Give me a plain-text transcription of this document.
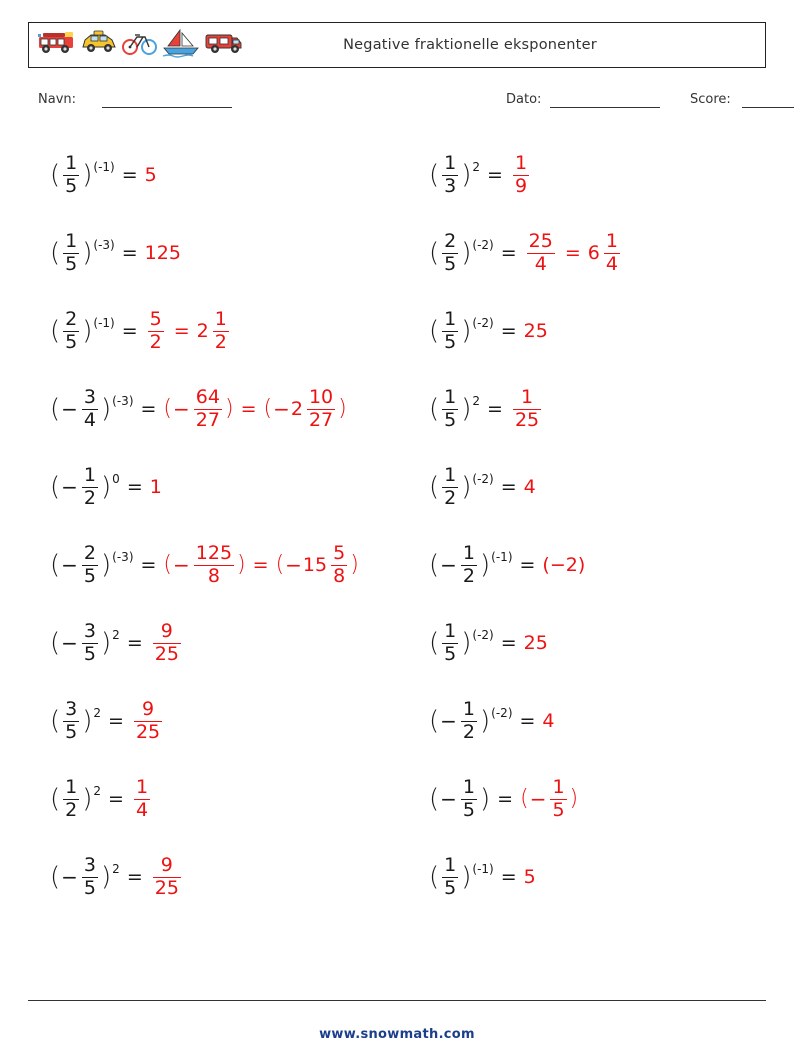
Negative fraktionelle eksponenter
Navn:	Dato:	Score:
( $\frac{1}{5}$ ) (-1) = 5
( $\frac{1}{5}$ ) (-3) = 125
( $\frac{2}{5}$ ) $(-1) = \frac{5}{2} = 2 \frac{1}{2}$
( − $\frac{3}{4}$ ) (-3) = ( − $\frac{64}{27}$ ) = ( − $2 \frac{10}{27}$ )
( − $\frac{1}{2}$ ) 0 = 1
( − $\frac{2}{5}$ ) (-3) = ( − $\frac{125}{8}$ ) = ( − $15 \frac{5}{8}$ )
( − $\frac{3}{5}$ ) $2 = \frac{9}{25}$
( $\frac{3}{5}$ ) $2 = \frac{9}{25}$
( $\frac{1}{2}$ ) $2 = \frac{1}{4}$
( − $\frac{3}{5}$ ) $2 = \frac{9}{25}$
( $\frac{1}{3}$ ) $2 = \frac{1}{9}$
( $\frac{2}{5}$ ) $(-2) = \frac{25}{4} = 6 \frac{1}{4}$
( $\frac{1}{5}$ ) (-2) = 25
( $\frac{1}{5}$ ) $2 = \frac{1}{25}$
( $\frac{1}{2}$ ) (-2) = 4
( − $\frac{1}{2}$ ) (-1) = (−2)
( $\frac{1}{5}$ ) (-2) = 25
( − $\frac{1}{2}$ ) (-2) = 4
( − $\frac{1}{5}$ ) = ( − $\frac{1}{5}$ )
( $\frac{1}{5}$ ) (-1) = 5
www.snowmath.com
